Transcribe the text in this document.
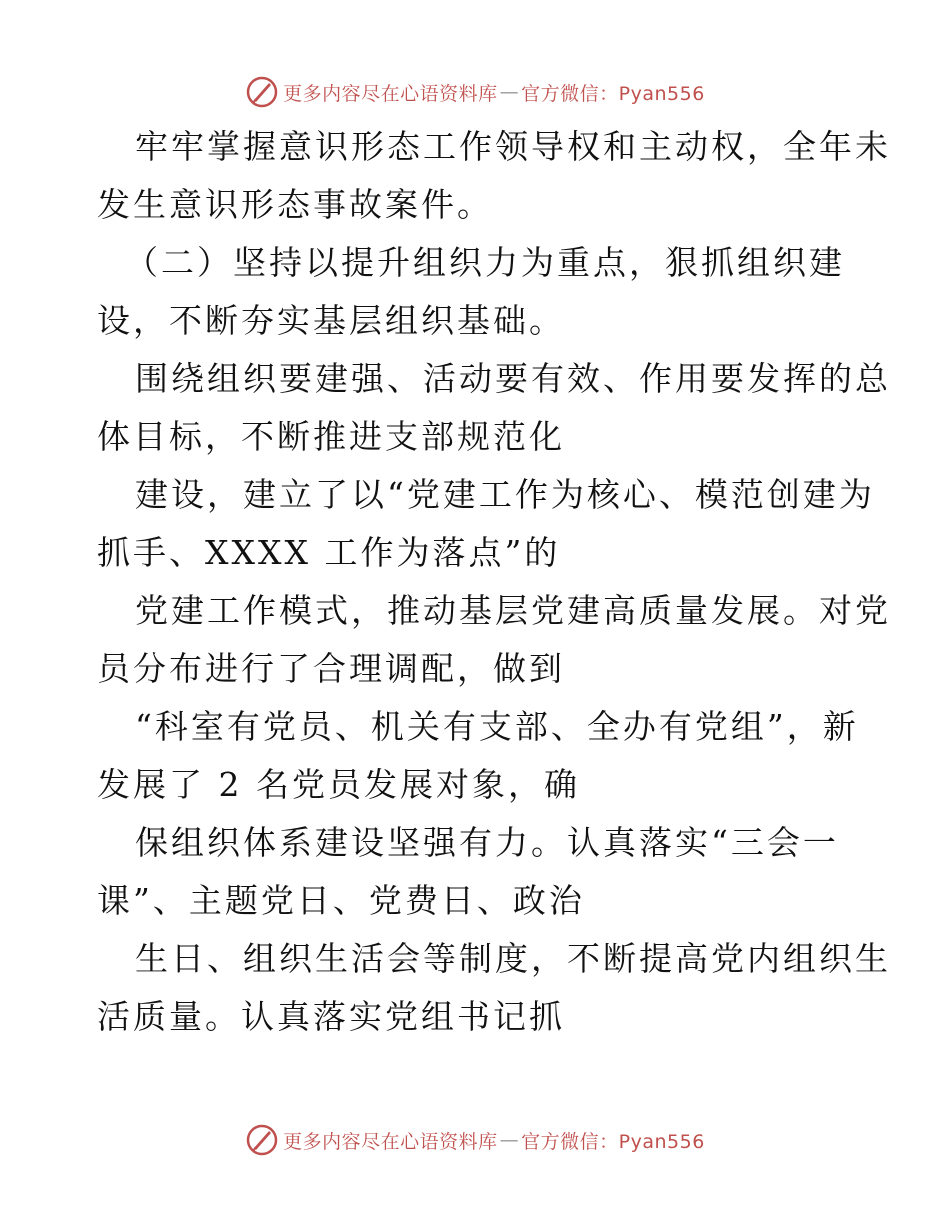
更多内容尽在心语资料库 — 官方微信：Pyan556
牢牢掌握意识形态工作领导权和主动权，全年未
发生意识形态事故案件。
（二）坚持以提升组织力为重点，狠抓组织建
设，不断夯实基层组织基础。
围绕组织要建强、活动要有效、作用要发挥的总
体目标，不断推进支部规范化
建设，建立了以“党建工作为核心、模范创建为
抓手、XXXX 工作为落点”的
党建工作模式，推动基层党建高质量发展。对党
员分布进行了合理调配，做到
“科室有党员、机关有支部、全办有党组”，新
发展了 2 名党员发展对象，确
保组织体系建设坚强有力。认真落实“三会一
课”、主题党日、党费日、政治
生日、组织生活会等制度，不断提高党内组织生
活质量。认真落实党组书记抓
更多内容尽在心语资料库 — 官方微信：Pyan556
